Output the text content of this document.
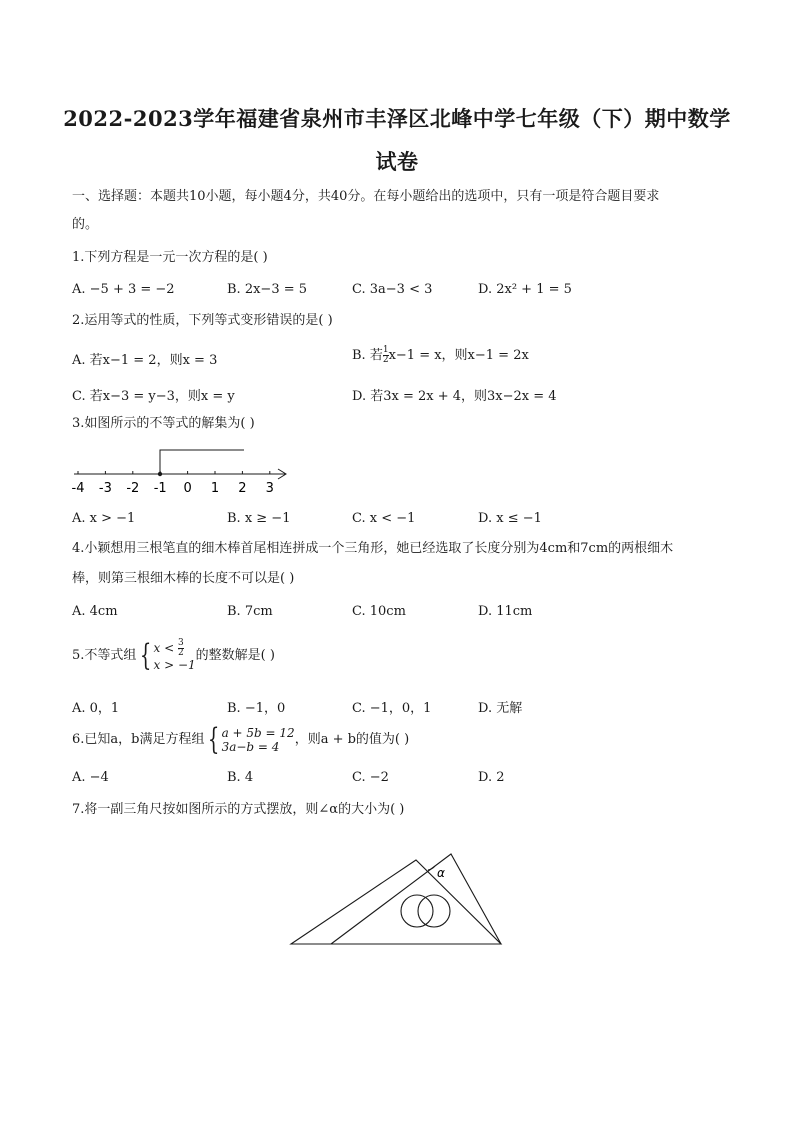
2022-2023学年福建省泉州市丰泽区北峰中学七年级（下）期中数学
试卷
一、选择题：本题共10小题，每小题4分，共40分。在每小题给出的选项中，只有一项是符合题目要求
的。
1.下列方程是一元一次方程的是( )
A. −5 + 3 = −2	B. 2x−3 = 5	C. 3a−3 < 3	D. 2x² + 1 = 5
2.运用等式的性质，下列等式变形错误的是( )
A. 若x−1 = 2，则x = 3	B. 若 $\frac{1}{2} x-1 = x$，则x−1 = 2x
C. 若x−3 = y−3，则x = y	D. 若3x = 2x + 4，则3x−2x = 4
3.如图所示的不等式的解集为( )
-4 -3 -2 -1 0 1 2 3
A. x > −1	B. x ≥ −1	C. x < −1	D. x ≤ −1
4.小颖想用三根笔直的细木棒首尾相连拼成一个三角形，她已经选取了长度分别为4cm和7cm的两根细木
棒，则第三根细木棒的长度不可以是( )
A. 4cm	B. 7cm	C. 10cm	D. 11cm
5.不等式组 { $x < \frac{3}{2}$
x > −1
的整数解是( )
A. 0，1	B. −1，0	C. −1，0，1	D. 无解
6.已知a，b满足方程组 { a + 5b = 12
3a−b = 4	，则a + b的值为( )
A. −4	B. 4	C. −2	D. 2
7.将一副三角尺按如图所示的方式摆放，则∠α的大小为( )
α
